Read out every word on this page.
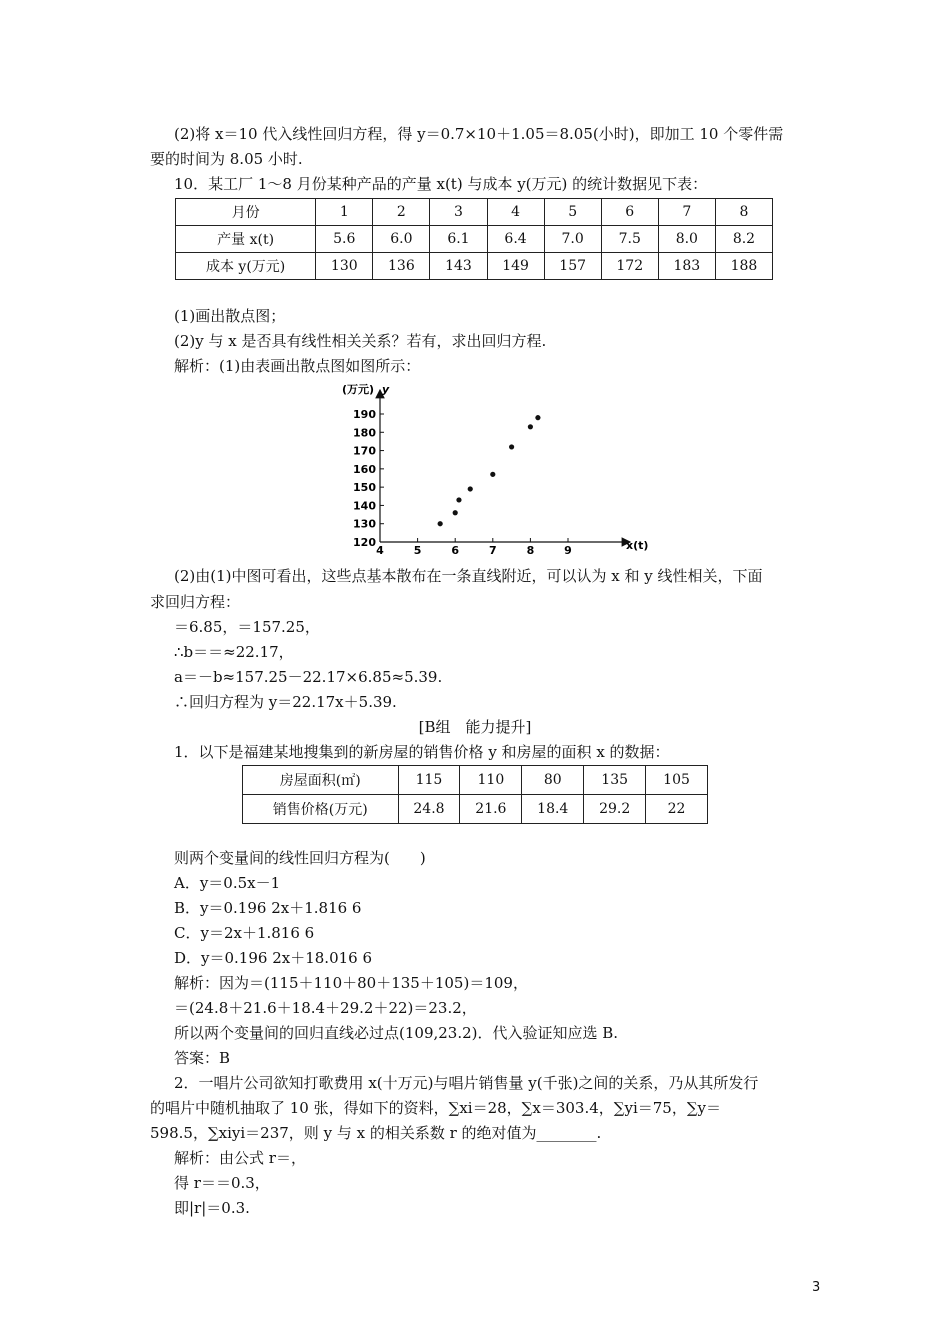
(2)将 x＝10 代入线性回归方程，得 y＝0.7×10＋1.05＝8.05(小时)，即加工 10 个零件需
要的时间为 8.05 小时.
10．某工厂 1～8 月份某种产品的产量 x(t) 与成本 y(万元) 的统计数据见下表：
月份	1	2	3	4	5	6	7	8
产量 x(t)	5.6	6.0	6.1	6.4	7.0	7.5	8.0	8.2
成本 y(万元)	130	136	143	149	157	172	183	188
(1)画出散点图；
(2)y 与 x 是否具有线性相关关系？若有，求出回归方程.
解析：(1)由表画出散点图如图所示：
120
130
140
150
160
170
180
190
4	5	6	7	8	9
(万元) y
x(t)
(2)由(1)中图可看出，这些点基本散布在一条直线附近，可以认为 x 和 y 线性相关，下面
求回归方程：
＝6.85，＝157.25，
∴b＝＝≈22.17，
a＝－b≈157.25－22.17×6.85≈5.39.
∴回归方程为 y＝22.17x＋5.39.
[B组　能力提升]
1．以下是福建某地搜集到的新房屋的销售价格 y 和房屋的面积 x 的数据：
房屋面积(㎡)	115	110	80	135	105
销售价格(万元)	24.8	21.6	18.4	29.2	22
则两个变量间的线性回归方程为(　　)
A．y＝0.5x－1
B．y＝0.196 2x＋1.816 6
C．y＝2x＋1.816 6
D．y＝0.196 2x＋18.016 6
解析：因为＝(115＋110＋80＋135＋105)＝109，
＝(24.8＋21.6＋18.4＋29.2＋22)＝23.2，
所以两个变量间的回归直线必过点(109,23.2)．代入验证知应选 B.
答案：B
2．一唱片公司欲知打歌费用 x(十万元)与唱片销售量 y(千张)之间的关系，乃从其所发行
的唱片中随机抽取了 10 张，得如下的资料，∑xi＝28，∑x＝303.4，∑yi＝75，∑y＝
598.5，∑xiyi＝237，则 y 与 x 的相关系数 r 的绝对值为________.
解析：由公式 r＝，
得 r＝＝0.3，
即|r|＝0.3.
3
